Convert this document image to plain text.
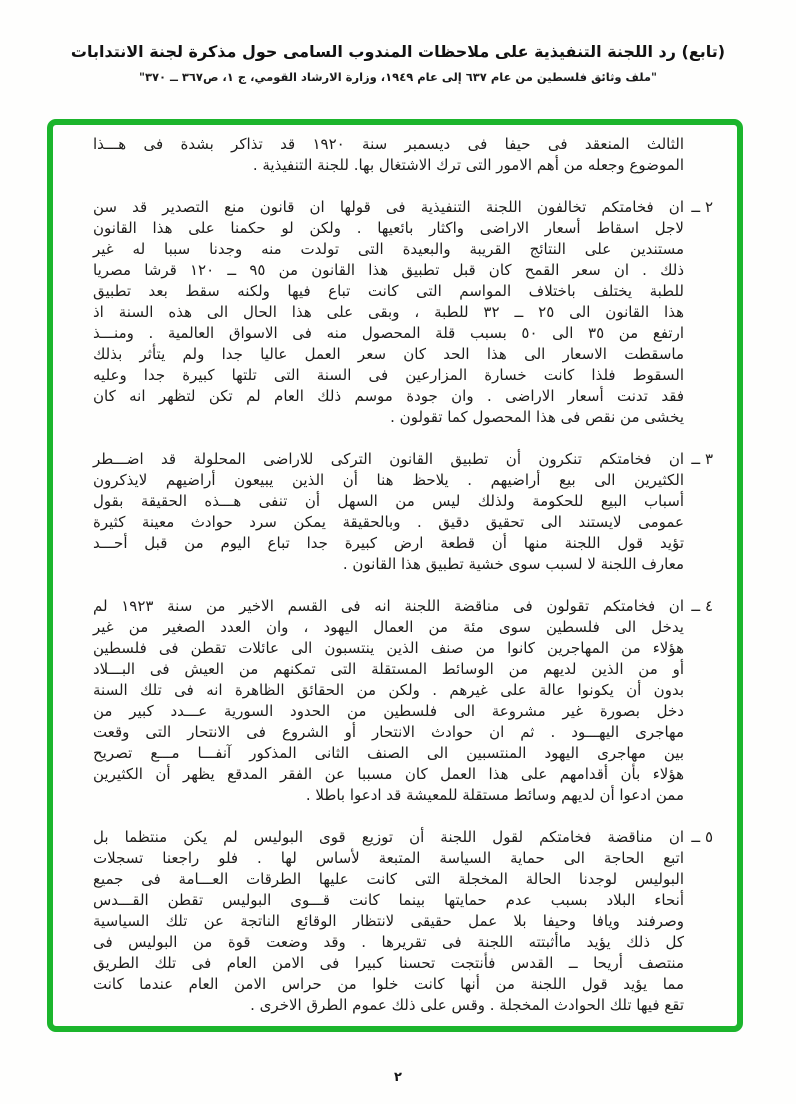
(تابع) رد اللجنة التنفيذية على ملاحظات المندوب السامى حول مذكرة لجنة الانتدابات
"ملف وثائق فلسطين من عام ٦٣٧ إلى عام ١٩٤٩، وزارة الارشاد القومي، ج ١، ص٣٦٧ ــ ٣٧٠"
الثالث المنعقد فى حيفا فى ديسمبر سنة ١٩٢٠ قد تذاكر بشدة فى هـــذا
الموضوع وجعله من أهم الامور التى ترك الاشتغال بها. للجنة التنفيذية .
٢ ــ
ان فخامتكم تخالفون اللجنة التنفيذية فى قولها ان قانون منع التصدير قد سن
لاجل اسقاط أسعار الاراضى واكثار بائعيها . ولكن لو حكمنا على هذا القانون
مستندين على النتائج القريبة والبعيدة التى تولدت منه وجدنا سببا له غير
ذلك . ان سعر القمح كان قبل تطبيق هذا القانون من ٩٥ ــ ١٢٠ قرشا مصريا
للطبة يختلف باختلاف المواسم التى كانت تباع فيها ولكنه سقط بعد تطبيق
هذا القانون الى ٢٥ ــ ٣٢ للطبة ، وبقى على هذا الحال الى هذه السنة اذ
ارتفع من ٣٥ الى ٥٠ بسبب قلة المحصول منه فى الاسواق العالمية . ومنـــذ
ماسقطت الاسعار الى هذا الحد كان سعر العمل عاليا جدا ولم يتأثر بذلك
السقوط فلذا كانت خسارة المزارعين فى السنة التى تلتها كبيرة جدا وعليه
فقد تدنت أسعار الاراضى . وان جودة موسم ذلك العام لم تكن لتظهر انه كان
يخشى من نقص فى هذا المحصول كما تقولون .
٣ ــ
ان فخامتكم تنكرون أن تطبيق القانون التركى للاراضى المحلولة قد اضـــطر
الكثيرين الى بيع أراضيهم . يلاحظ هنا أن الذين يبيعون أراضيهم لايذكرون
أسباب البيع للحكومة ولذلك ليس من السهل أن تنفى هـــذه الحقيقة بقول
عمومى لايستند الى تحقيق دقيق . وبالحقيقة يمكن سرد حوادث معينة كثيرة
تؤيد قول اللجنة منها أن قطعة ارض كبيرة جدا تباع اليوم من قبل أحـــد
معارف اللجنة لا لسبب سوى خشية تطبيق هذا القانون .
٤ ــ
ان فخامتكم تقولون فى مناقضة اللجنة انه فى القسم الاخير من سنة ١٩٢٣ لم
يدخل الى فلسطين سوى مئة من العمال اليهود ، وان العدد الصغير من غير
هؤلاء من المهاجرين كانوا من صنف الذين ينتسبون الى عائلات تقطن فى فلسطين
أو من الذين لديهم من الوسائط المستقلة التى تمكنهم من العيش فى البـــلاد
بدون أن يكونوا عالة على غيرهم . ولكن من الحقائق الظاهرة انه فى تلك السنة
دخل بصورة غير مشروعة الى فلسطين من الحدود السورية عـــدد كبير من
مهاجرى اليهـــود . ثم ان حوادث الانتحار أو الشروع فى الانتحار التى وقعت
بين مهاجرى اليهود المنتسبين الى الصنف الثانى المذكور آنفـــا مـــع تصريح
هؤلاء بأن أقدامهم على هذا العمل كان مسببا عن الفقر المدقع يظهر أن الكثيرين
ممن ادعوا أن لديهم وسائط مستقلة للمعيشة قد ادعوا باطلا .
٥ ــ
ان مناقضة فخامتكم لقول اللجنة أن توزيع قوى البوليس لم يكن منتظما بل
اتبع الحاجة الى حماية السياسة المتبعة لأساس لها . فلو راجعنا تسجلات
البوليس لوجدنا الحالة المخجلة التى كانت عليها الطرقات العـــامة فى جميع
أنحاء البلاد بسبب عدم حمايتها بينما كانت قـــوى البوليس تقطن القـــدس
وصرفند ويافا وحيفا بلا عمل حقيقى لانتظار الوقائع الناتجة عن تلك السياسية
كل ذلك يؤيد ماأثبتته اللجنة فى تقريرها . وقد وضعت قوة من البوليس فى
منتصف أريحا ــ القدس فأنتجت تحسنا كبيرا فى الامن العام فى تلك الطريق
مما يؤيد قول اللجنة من أنها كانت خلوا من حراس الامن العام عندما كانت
تقع فيها تلك الحوادث المخجلة . وقس على ذلك عموم الطرق الاخرى .
٢
